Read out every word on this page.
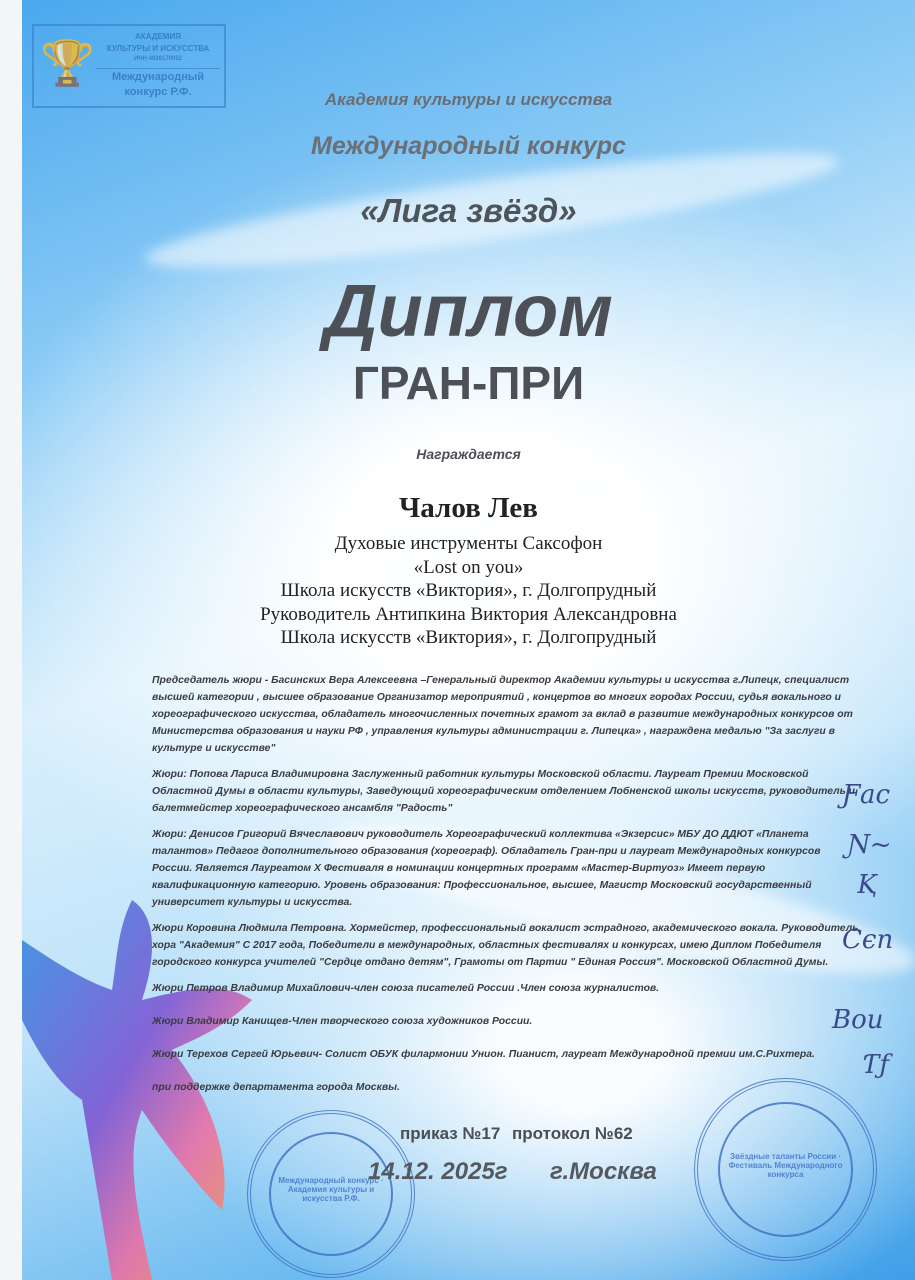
🏆
АКАДЕМИЯ
КУЛЬТУРЫ И ИСКУССТВА
ИНН 4826170052
Международный
конкурс Р.Ф.	Академия культуры и искусства
Международный конкурс
«Лига звёзд»
Диплом
ГРАН-ПРИ
Награждается
Чалов Лев
Духовые инструменты Саксофон
«Lost on you»
Школа искусств «Виктория», г. Долгопрудный
Руководитель Антипкина Виктория Александровна
Школа искусств «Виктория», г. Долгопрудный

Председатель жюри - Басинских Вера Алексеевна –Генеральный директор Академии культуры и искусства г.Липецк, специалист высшей категории , высшее образование Организатор мероприятий , концертов во многих городах России, судья вокального и хореографического искусства, обладатель многочисленных почетных грамот за вклад в развитие международных конкурсов от Министерства образования и науки РФ , управления культуры администрации г. Липецка» , награждена медалью "За заслуги в культуре и искусстве"

Жюри: Попова Лариса Владимировна Заслуженный работник культуры Московской области. Лауреат Премии Московской Областной Думы в области культуры, Заведующий хореографическим отделением Лобненской школы искусств, руководитель и балетмейстер хореографического ансамбля "Радость"

Жюри: Денисов Григорий Вячеславович руководитель Хореографический коллектива «Экзерсис» МБУ ДО ДДЮТ «Планета талантов» Педагог дополнительного образования (хореограф). Обладатель Гран-при и лауреат Международных конкурсов России. Является Лауреатом X Фестиваля в номинации концертных программ «Мастер-Виртуоз» Имеет первую квалификационную категорию. Уровень образования: Профессиональное, высшее, Магистр Московский государственный университет культуры и искусства.

Жюри Коровина Людмила Петровна. Хормейстер, профессиональный вокалист эстрадного, академического вокала. Руководитель хора "Академия" С 2017 года, Победители в международных, областных фестивалях и конкурсах, имею Диплом Победителя городского конкурса учителей "Сердце отдано детям", Грамоты от Партии " Единая Россия". Московской Областной Думы.

Жюри Петров Владимир Михайлович-член союза писателей России .Член союза журналистов.

Жюри Владимир Канищев-Член творческого союза художников России.

Жюри Терехов Сергей Юрьевич- Солист ОБУК филармонии Унион. Пианист, лауреат Международной премии им.С.Рихтера.

при поддержке департамента города Москвы.

Ƒас
Ɲ~
Ⱪ
Сєп
Вои
Ƭƒ
Международный конкурс · Академия культуры и искусства Р.Ф.
Звёздные таланты России · Фестиваль Международного конкурса
приказ №17 протокол №62
14.12. 2025г г.Москва
